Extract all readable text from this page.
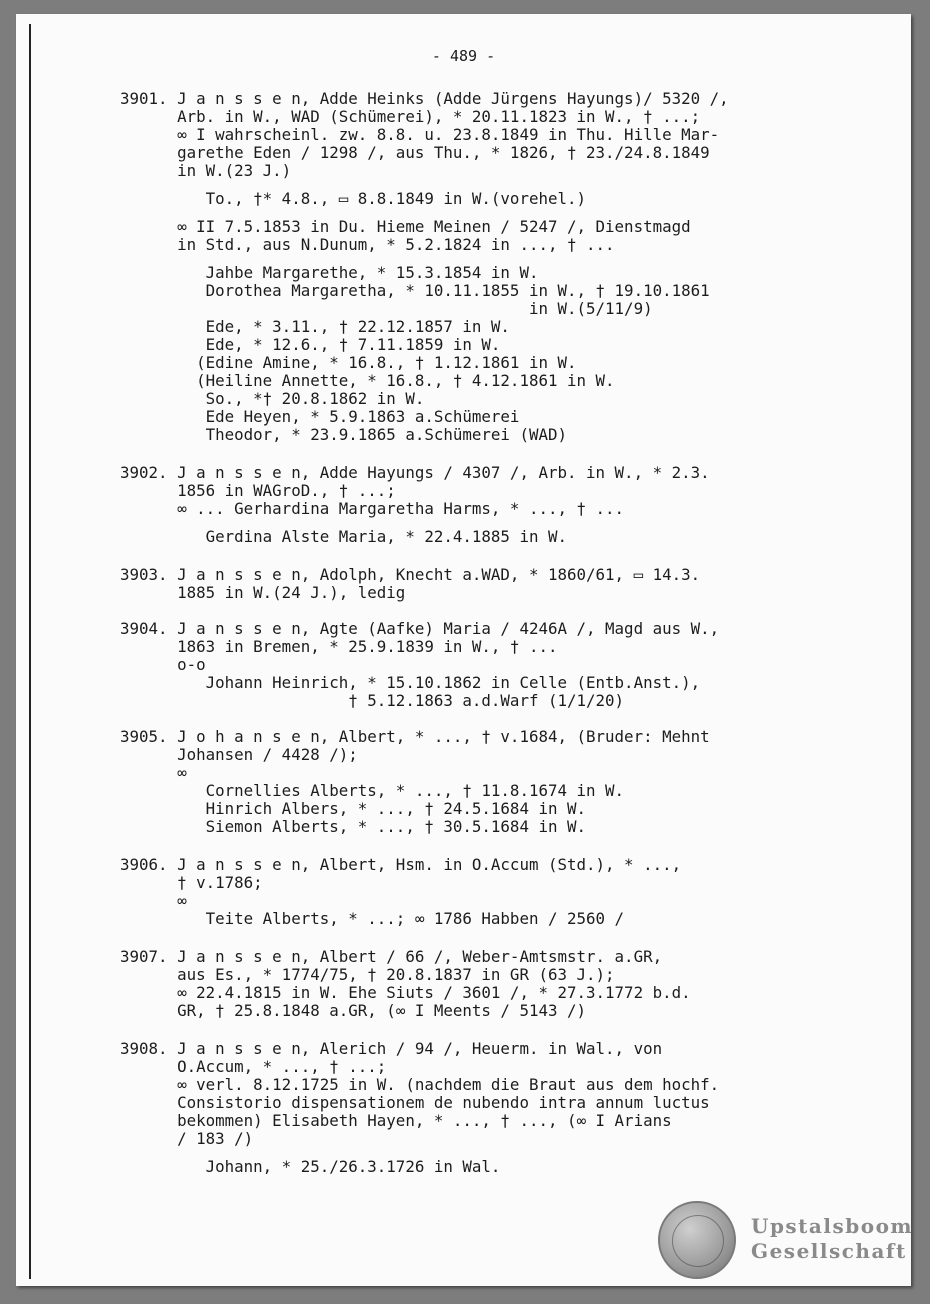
- 489 -
3901. J a n s s e n, Adde Heinks (Adde Jürgens Hayungs)/ 5320 /,
Arb. in W., WAD (Schümerei), * 20.11.1823 in W., † ...;
∞ I wahrscheinl. zw. 8.8. u. 23.8.1849 in Thu. Hille Mar-
garethe Eden / 1298 /, aus Thu., * 1826, † 23./24.8.1849
in W.(23 J.)
To., †* 4.8., ▭ 8.8.1849 in W.(vorehel.)
∞ II 7.5.1853 in Du. Hieme Meinen / 5247 /, Dienstmagd
in Std., aus N.Dunum, * 5.2.1824 in ..., † ...
Jahbe Margarethe, * 15.3.1854 in W.
Dorothea Margaretha, * 10.11.1855 in W., † 19.10.1861
in W.(5/11/9)
Ede, * 3.11., † 22.12.1857 in W.
Ede, * 12.6., † 7.11.1859 in W.
(Edine Amine, * 16.8., † 1.12.1861 in W.
(Heiline Annette, * 16.8., † 4.12.1861 in W.
So., *† 20.8.1862 in W.
Ede Heyen, * 5.9.1863 a.Schümerei
Theodor, * 23.9.1865 a.Schümerei (WAD)
3902. J a n s s e n, Adde Hayungs / 4307 /, Arb. in W., * 2.3.
1856 in WAGroD., † ...;
∞ ... Gerhardina Margaretha Harms, * ..., † ...
Gerdina Alste Maria, * 22.4.1885 in W.
3903. J a n s s e n, Adolph, Knecht a.WAD, * 1860/61, ▭ 14.3.
1885 in W.(24 J.), ledig
3904. J a n s s e n, Agte (Aafke) Maria / 4246A /, Magd aus W.,
1863 in Bremen, * 25.9.1839 in W., † ...
o-o
Johann Heinrich, * 15.10.1862 in Celle (Entb.Anst.),
† 5.12.1863 a.d.Warf (1/1/20)
3905. J o h a n s e n, Albert, * ..., † v.1684, (Bruder: Mehnt
Johansen / 4428 /);
∞
Cornellies Alberts, * ..., † 11.8.1674 in W.
Hinrich Albers, * ..., † 24.5.1684 in W.
Siemon Alberts, * ..., † 30.5.1684 in W.
3906. J a n s s e n, Albert, Hsm. in O.Accum (Std.), * ...,
† v.1786;
∞
Teite Alberts, * ...; ∞ 1786 Habben / 2560 /
3907. J a n s s e n, Albert / 66 /, Weber-Amtsmstr. a.GR,
aus Es., * 1774/75, † 20.8.1837 in GR (63 J.);
∞ 22.4.1815 in W. Ehe Siuts / 3601 /, * 27.3.1772 b.d.
GR, † 25.8.1848 a.GR, (∞ I Meents / 5143 /)
3908. J a n s s e n, Alerich / 94 /, Heuerm. in Wal., von
O.Accum, * ..., † ...;
∞ verl. 8.12.1725 in W. (nachdem die Braut aus dem hochf.
Consistorio dispensationem de nubendo intra annum luctus
bekommen) Elisabeth Hayen, * ..., † ..., (∞ I Arians
/ 183 /)
Johann, * 25./26.3.1726 in Wal.
Upstalsboom
Gesellschaft
